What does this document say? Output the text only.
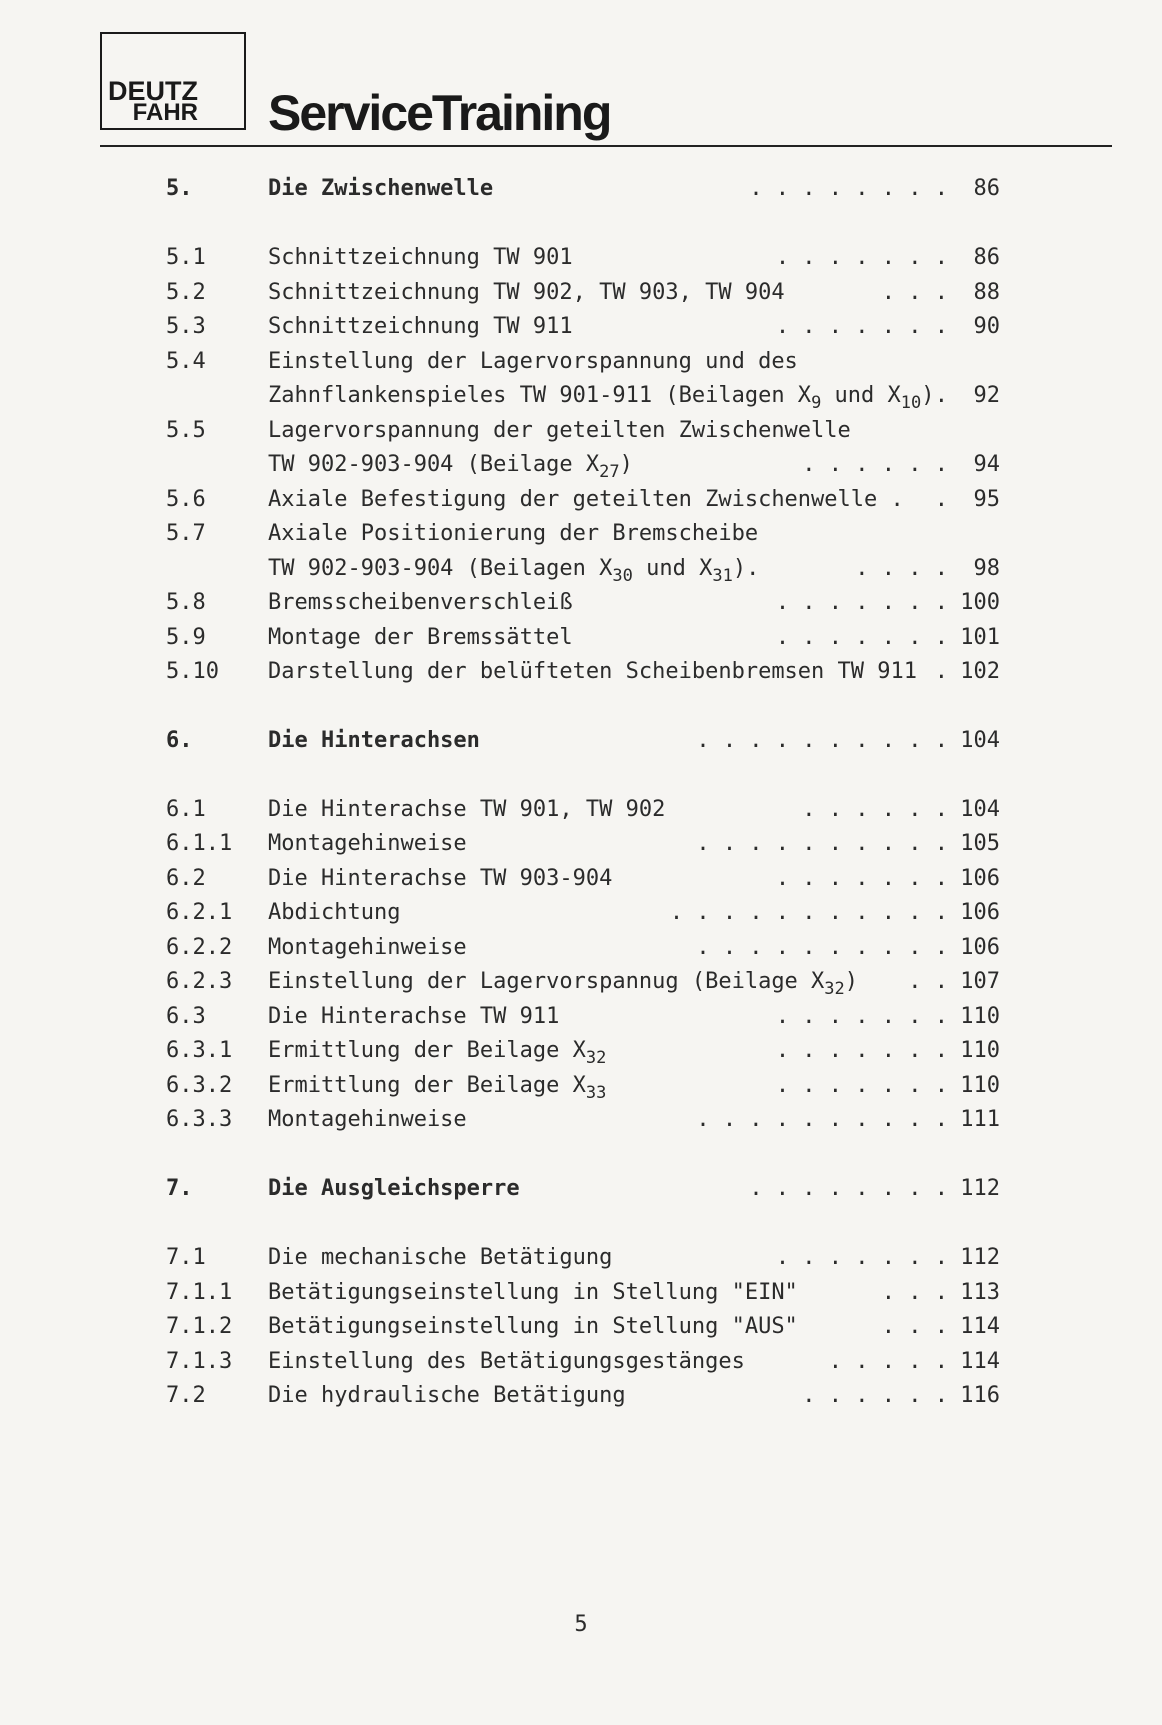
DEUTZ
FAHR ServiceTraining
5.	Die Zwischenwelle	. . . . . . . . 86
5.1	Schnittzeichnung TW 901	. . . . . . . 86
5.2	Schnittzeichnung TW 902, TW 903, TW 904	. . . 88
5.3	Schnittzeichnung TW 911	. . . . . . . 90
5.4	Einstellung der Lagervorspannung und des
Zahnflankenspieles TW 901-911 (Beilagen $X_9$ und $X_{10}$) . 92
5.5	Lagervorspannung der geteilten Zwischenwelle
TW 902-903-904 (Beilage $X_{27}$)	. . . . . . 94
5.6	Axiale Befestigung der geteilten Zwischenwelle . . 95
5.7	Axiale Positionierung der Bremscheibe
TW 902-903-904 (Beilagen $X_{30}$ und $X_{31}$).	. . . . 98
5.8	Bremsscheibenverschleiß	. . . . . . . 100
5.9	Montage der Bremssättel	. . . . . . . 101
5.10 Darstellung der belüfteten Scheibenbremsen TW 911 . 102
6.	Die Hinterachsen	. . . . . . . . . . 104
6.1	Die Hinterachse TW 901, TW 902	. . . . . . 104
6.1.1 Montagehinweise	. . . . . . . . . . 105
6.2	Die Hinterachse TW 903-904	. . . . . . . 106
6.2.1 Abdichtung	. . . . . . . . . . . 106
6.2.2 Montagehinweise	. . . . . . . . . . 106
6.2.3 Einstellung der Lagervorspannug (Beilage $X_{32}$) . . 107
6.3	Die Hinterachse TW 911	. . . . . . . 110
6.3.1 Ermittlung der Beilage $X_{32}$	. . . . . . . 110
6.3.2 Ermittlung der Beilage $X_{33}$	. . . . . . . 110
6.3.3 Montagehinweise	. . . . . . . . . . 111
7.	Die Ausgleichsperre	. . . . . . . . 112
7.1	Die mechanische Betätigung	. . . . . . . 112
7.1.1 Betätigungseinstellung in Stellung "EIN"	. . . 113
7.1.2 Betätigungseinstellung in Stellung "AUS"	. . . 114
7.1.3 Einstellung des Betätigungsgestänges	. . . . . 114
7.2	Die hydraulische Betätigung	. . . . . . 116
5
